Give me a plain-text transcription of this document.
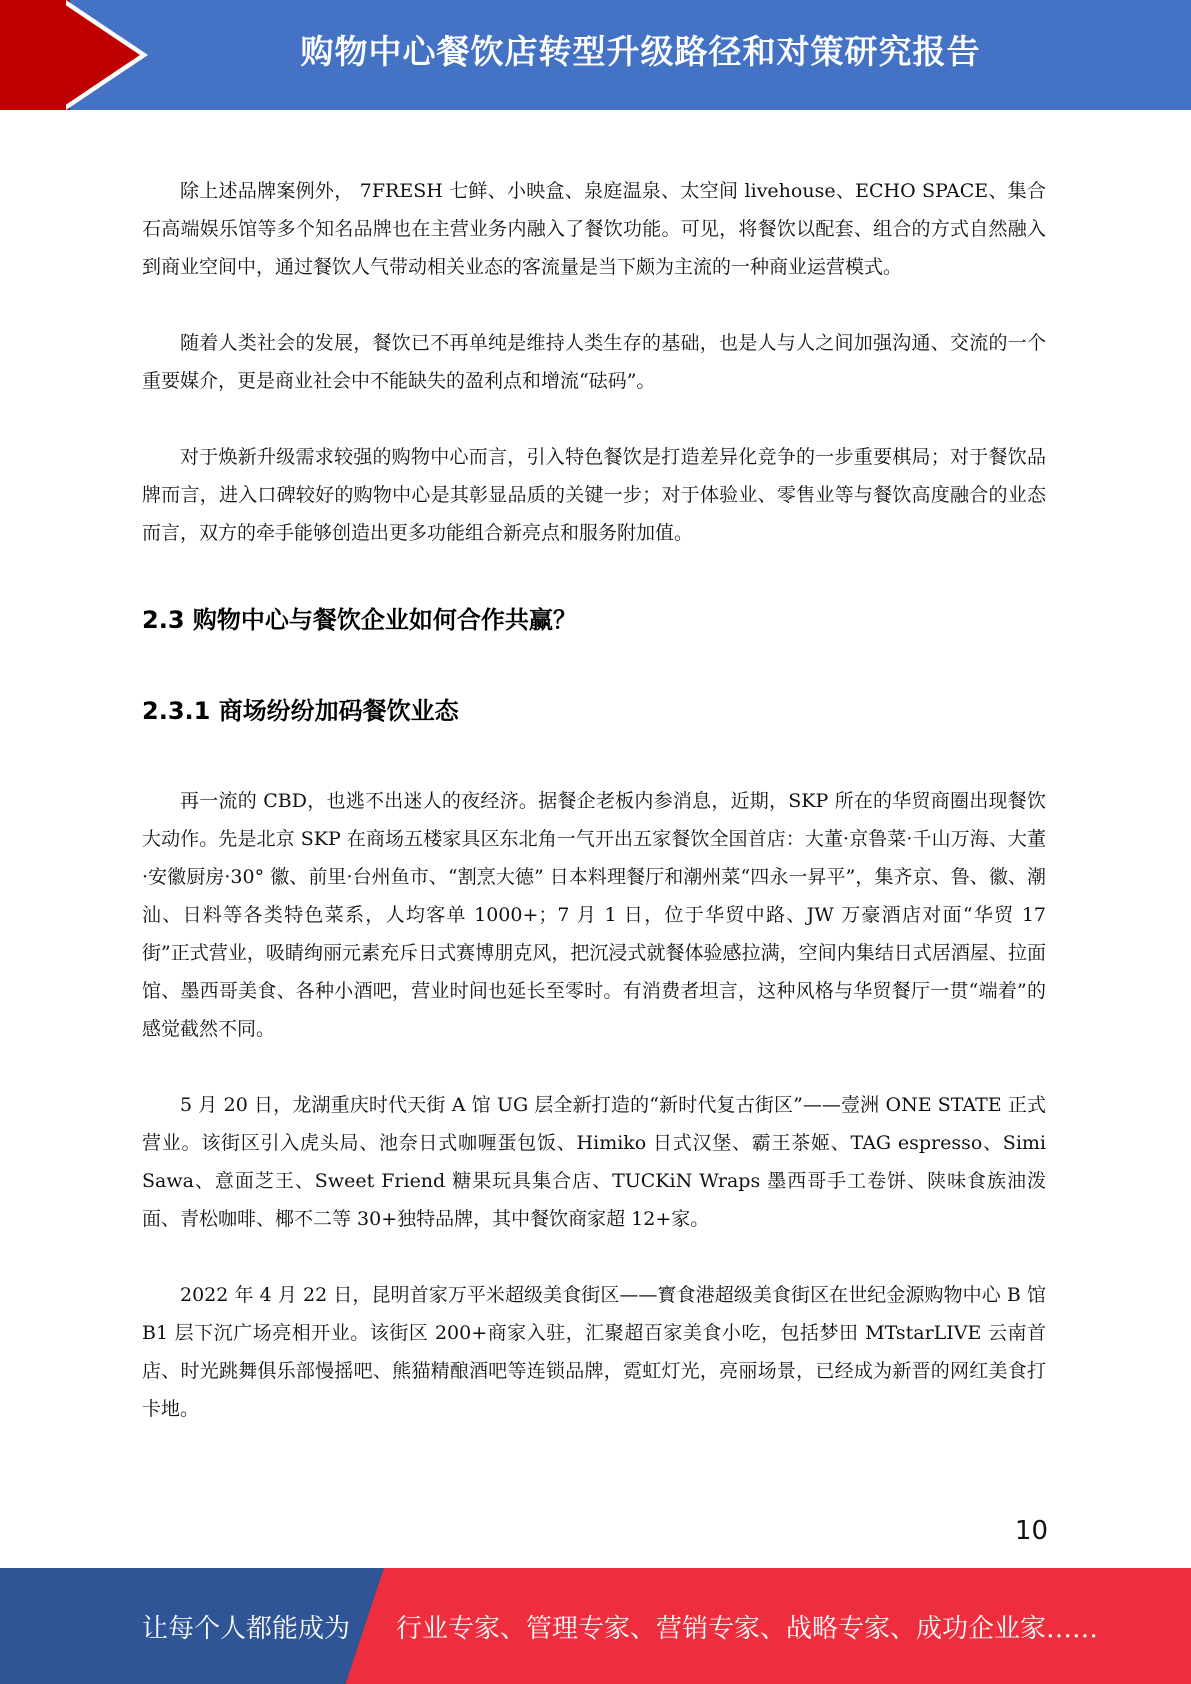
购物中心餐饮店转型升级路径和对策研究报告

除上述品牌案例外， 7FRESH 七鲜、小映盒、泉庭温泉、太空间 livehouse、ECHO SPACE、集合石高端娱乐馆等多个知名品牌也在主营业务内融入了餐饮功能。可见，将餐饮以配套、组合的方式自然融入到商业空间中，通过餐饮人气带动相关业态的客流量是当下颇为主流的一种商业运营模式。

随着人类社会的发展，餐饮已不再单纯是维持人类生存的基础，也是人与人之间加强沟通、交流的一个重要媒介，更是商业社会中不能缺失的盈利点和增流“砝码”。

对于焕新升级需求较强的购物中心而言，引入特色餐饮是打造差异化竞争的一步重要棋局；对于餐饮品牌而言，进入口碑较好的购物中心是其彰显品质的关键一步；对于体验业、零售业等与餐饮高度融合的业态而言，双方的牵手能够创造出更多功能组合新亮点和服务附加值。

2.3 购物中心与餐饮企业如何合作共赢？
2.3.1 商场纷纷加码餐饮业态

再一流的 CBD，也逃不出迷人的夜经济。据餐企老板内参消息，近期，SKP 所在的华贸商圈出现餐饮大动作。先是北京 SKP 在商场五楼家具区东北角一气开出五家餐饮全国首店：大董·京鲁菜·千山万海、大董·安徽厨房·30° 徽、前里·台州鱼市、“割烹大德” 日本料理餐厅和潮州菜“四永一昇平”，集齐京、鲁、徽、潮汕、日料等各类特色菜系，人均客单 1000+；7 月 1 日，位于华贸中路、JW 万豪酒店对面“华贸 17 街”正式营业，吸睛绚丽元素充斥日式赛博朋克风，把沉浸式就餐体验感拉满，空间内集结日式居酒屋、拉面馆、墨西哥美食、各种小酒吧，营业时间也延长至零时。有消费者坦言，这种风格与华贸餐厅一贯“端着”的感觉截然不同。

5 月 20 日，龙湖重庆时代天街 A 馆 UG 层全新打造的“新时代复古街区”——壹洲 ONE STATE 正式营业。该街区引入虎头局、池奈日式咖喱蛋包饭、Himiko 日式汉堡、霸王茶姬、TAG espresso、Simi Sawa、意面芝王、Sweet Friend 糖果玩具集合店、TUCKiN Wraps 墨西哥手工卷饼、陕味食族油泼面、青松咖啡、椰不二等 30+独特品牌，其中餐饮商家超 12+家。

2022 年 4 月 22 日，昆明首家万平米超级美食街区——寳食港超级美食街区在世纪金源购物中心 B 馆 B1 层下沉广场亮相开业。该街区 200+商家入驻，汇聚超百家美食小吃，包括梦田 MTstarLIVE 云南首店、时光跳舞俱乐部慢摇吧、熊猫精酿酒吧等连锁品牌，霓虹灯光，亮丽场景，已经成为新晋的网红美食打卡地。

10
让每个人都能成为 行业专家、管理专家、营销专家、战略专家、成功企业家……
